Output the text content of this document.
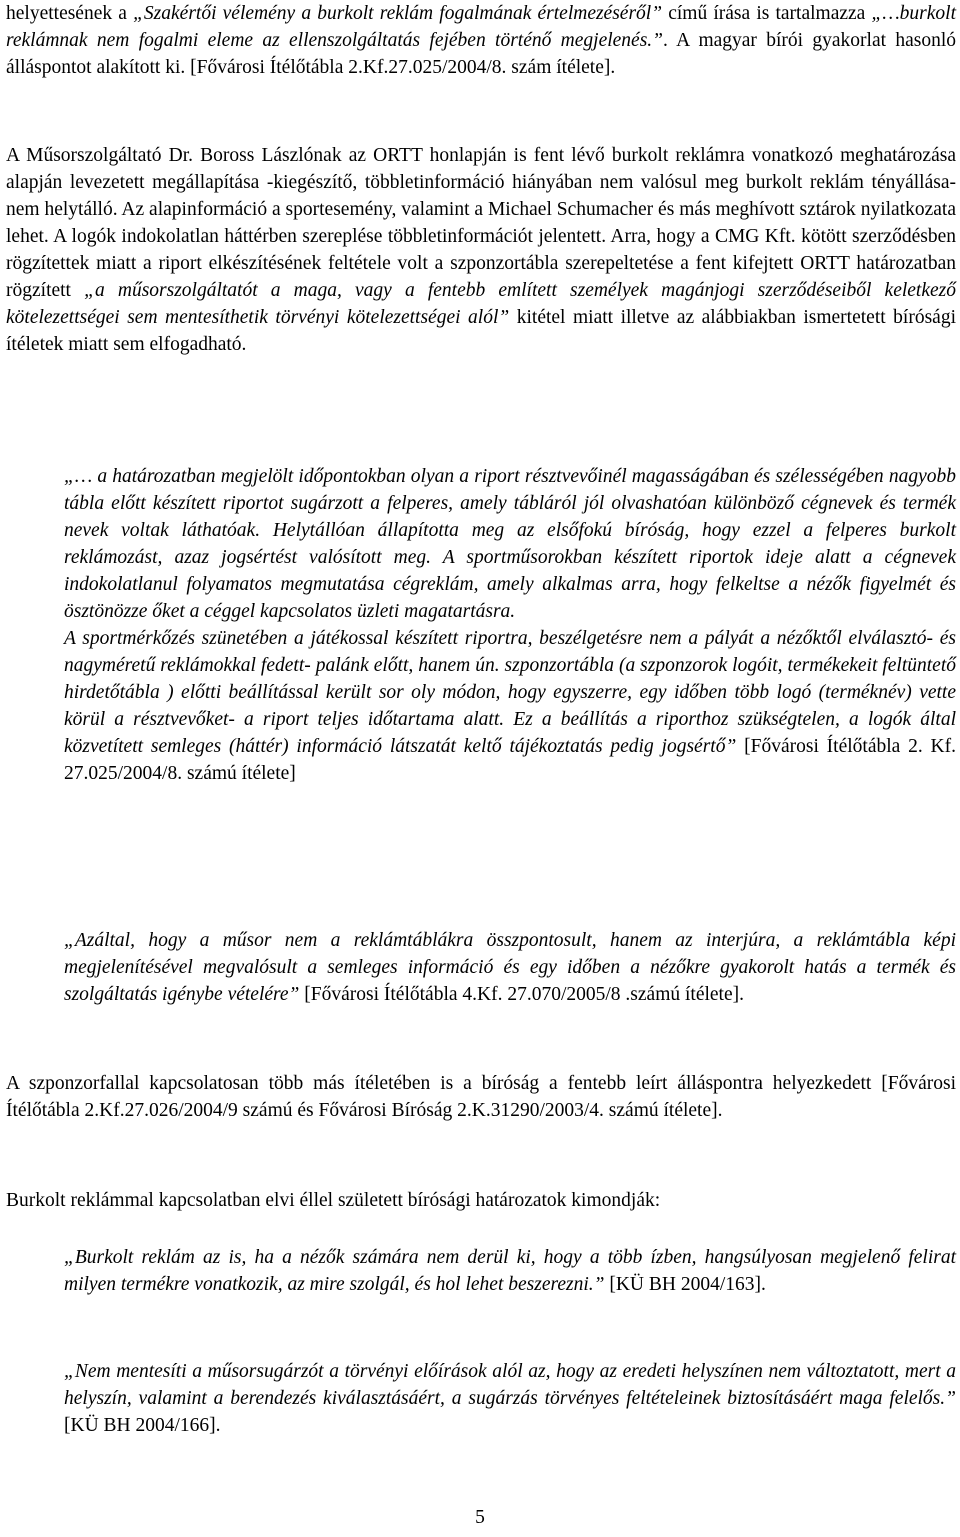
helyettesének a „Szakértői vélemény a burkolt reklám fogalmának értelmezéséről” című írása is tartalmazza „…burkolt reklámnak nem fogalmi eleme az ellenszolgáltatás fejében történő megjelenés.”. A magyar bírói gyakorlat hasonló álláspontot alakított ki. [Fővárosi Ítélőtábla 2.Kf.27.025/2004/8. szám ítélete].

A Műsorszolgáltató Dr. Boross Lászlónak az ORTT honlapján is fent lévő burkolt reklámra vonatkozó meghatározása alapján levezetett megállapítása -kiegészítő, többletinformáció hiányában nem valósul meg burkolt reklám tényállása- nem helytálló. Az alapinformáció a sportesemény, valamint a Michael Schumacher és más meghívott sztárok nyilatkozata lehet. A logók indokolatlan háttérben szereplése többletinformációt jelentett. Arra, hogy a CMG Kft. kötött szerződésben rögzítettek miatt a riport elkészítésének feltétele volt a szponzortábla szerepeltetése a fent kifejtett ORTT határozatban rögzített „a műsorszolgáltatót a maga, vagy a fentebb említett személyek magánjogi szerződéseiből keletkező kötelezettségei sem mentesíthetik törvényi kötelezettségei alól” kitétel miatt illetve az alábbiakban ismertetett bírósági ítéletek miatt sem elfogadható.

„… a határozatban megjelölt időpontokban olyan a riport résztvevőinél magasságában és szélességében nagyobb tábla előtt készített riportot sugárzott a felperes, amely tábláról jól olvashatóan különböző cégnevek és termék nevek voltak láthatóak. Helytállóan állapította meg az elsőfokú bíróság, hogy ezzel a felperes burkolt reklámozást, azaz jogsértést valósított meg. A sportműsorokban készített riportok ideje alatt a cégnevek indokolatlanul folyamatos megmutatása cégreklám, amely alkalmas arra, hogy felkeltse a nézők figyelmét és ösztönözze őket a céggel kapcsolatos üzleti magatartásra.
A sportmérkőzés szünetében a játékossal készített riportra, beszélgetésre nem a pályát a nézőktől elválasztó- és nagyméretű reklámokkal fedett- palánk előtt, hanem ún. szponzortábla (a szponzorok logóit, termékekeit feltüntető hirdetőtábla ) előtti beállítással került sor oly módon, hogy egyszerre, egy időben több logó (terméknév) vette körül a résztvevőket- a riport teljes időtartama alatt. Ez a beállítás a riporthoz szükségtelen, a logók által közvetített semleges (háttér) információ látszatát keltő tájékoztatás pedig jogsértő” [Fővárosi Ítélőtábla 2. Kf. 27.025/2004/8. számú ítélete]

„Azáltal, hogy a műsor nem a reklámtáblákra összpontosult, hanem az interjúra, a reklámtábla képi megjelenítésével megvalósult a semleges információ és egy időben a nézőkre gyakorolt hatás a termék és szolgáltatás igénybe vételére” [Fővárosi Ítélőtábla 4.Kf. 27.070/2005/8 .számú ítélete].

A szponzorfallal kapcsolatosan több más ítéletében is a bíróság a fentebb leírt álláspontra helyezkedett [Fővárosi Ítélőtábla 2.Kf.27.026/2004/9 számú és Fővárosi Bíróság 2.K.31290/2003/4. számú ítélete].

Burkolt reklámmal kapcsolatban elvi éllel született bírósági határozatok kimondják:

„Burkolt reklám az is, ha a nézők számára nem derül ki, hogy a több ízben, hangsúlyosan megjelenő felirat milyen termékre vonatkozik, az mire szolgál, és hol lehet beszerezni.” [KÜ BH 2004/163].

„Nem mentesíti a műsorsugárzót a törvényi előírások alól az, hogy az eredeti helyszínen nem változtatott, mert a helyszín, valamint a berendezés kiválasztásáért, a sugárzás törvényes feltételeinek biztosításáért maga felelős.” [KÜ BH 2004/166].

5
